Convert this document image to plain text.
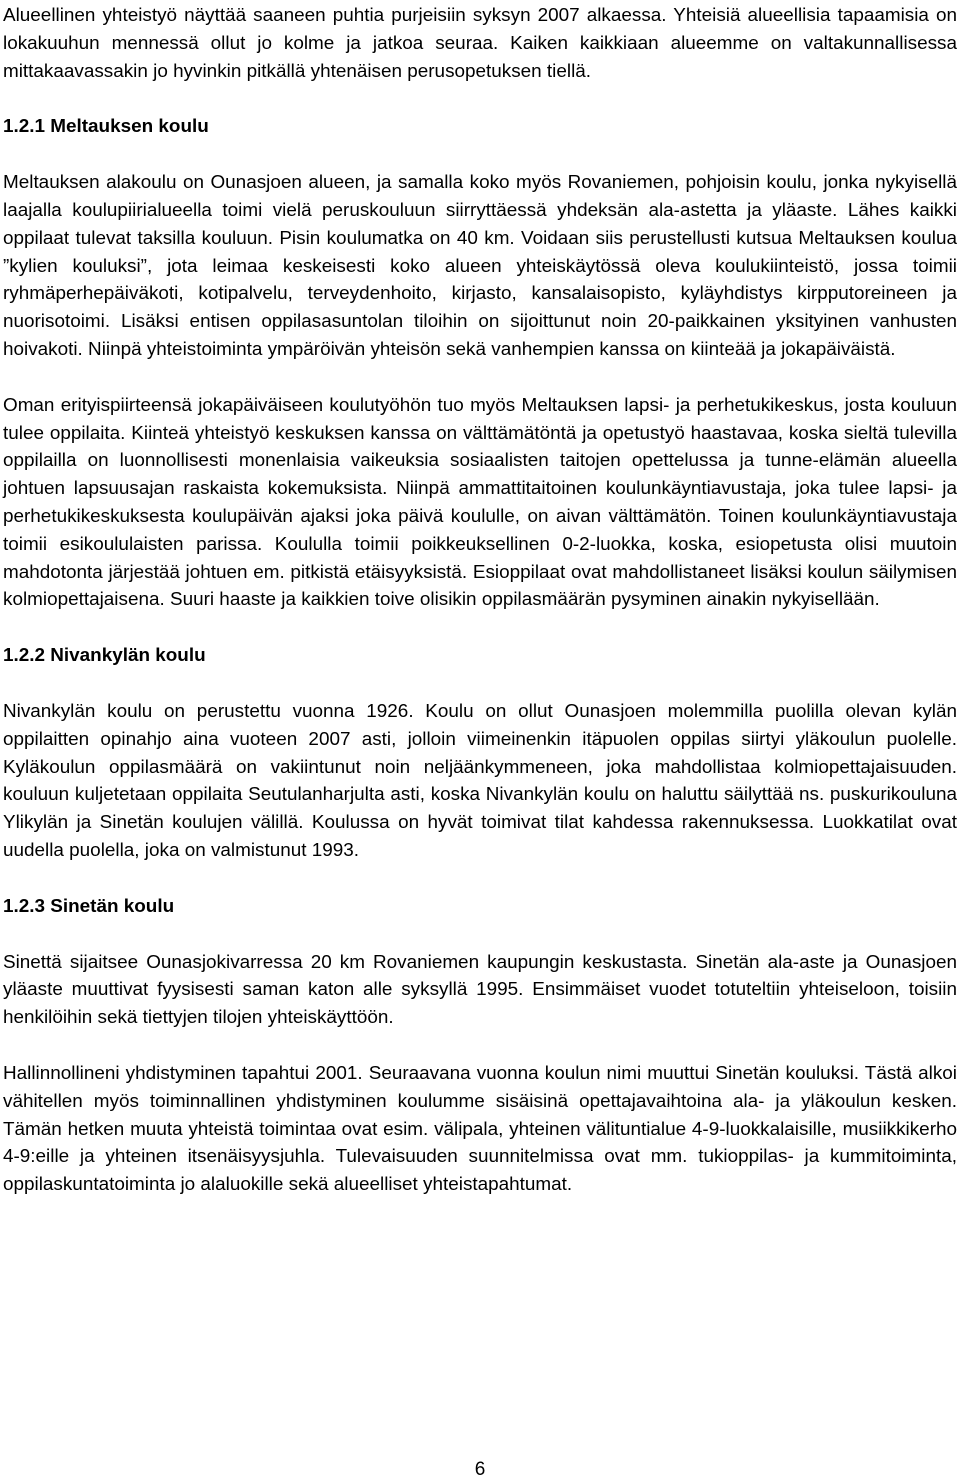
Alueellinen yhteistyö näyttää saaneen puhtia purjeisiin syksyn 2007 alkaessa. Yhteisiä alueellisia tapaamisia on lokakuuhun mennessä ollut jo kolme ja jatkoa seuraa. Kaiken kaikkiaan alueemme on valtakunnallisessa mittakaavassakin jo hyvinkin pitkällä yhtenäisen perusopetuksen tiellä.

1.2.1 Meltauksen koulu

Meltauksen alakoulu on Ounasjoen alueen, ja samalla koko myös Rovaniemen, pohjoisin koulu, jonka nykyisellä laajalla koulupiirialueella toimi vielä peruskouluun siirryttäessä yhdeksän ala-astetta ja yläaste. Lähes kaikki oppilaat tulevat taksilla kouluun. Pisin koulumatka on 40 km. Voidaan siis perustellusti kutsua Meltauksen koulua ”kylien kouluksi”, jota leimaa keskeisesti koko alueen yhteiskäytössä oleva koulukiinteistö, jossa toimii ryhmäperhepäiväkoti, kotipalvelu, terveydenhoito, kirjasto, kansalaisopisto, kyläyhdistys kirpputoreineen ja nuorisotoimi. Lisäksi entisen oppilasasuntolan tiloihin on sijoittunut noin 20-paikkainen yksityinen vanhusten hoivakoti. Niinpä yhteistoiminta ympäröivän yhteisön sekä vanhempien kanssa on kiinteää ja jokapäiväistä.

Oman erityispiirteensä jokapäiväiseen koulutyöhön tuo myös Meltauksen lapsi- ja perhetukikeskus, josta kouluun tulee oppilaita. Kiinteä yhteistyö keskuksen kanssa on välttämätöntä ja opetustyö haastavaa, koska sieltä tulevilla oppilailla on luonnollisesti monenlaisia vaikeuksia sosiaalisten taitojen opettelussa ja tunne-elämän alueella johtuen lapsuusajan raskaista kokemuksista. Niinpä ammattitaitoinen koulunkäyntiavustaja, joka tulee lapsi- ja perhetukikeskuksesta koulupäivän ajaksi joka päivä koululle, on aivan välttämätön. Toinen koulunkäyntiavustaja toimii esikoululaisten parissa. Koululla toimii poikkeuksellinen 0-2-luokka, koska, esiopetusta olisi muutoin mahdotonta järjestää johtuen em. pitkistä etäisyyksistä. Esioppilaat ovat mahdollistaneet lisäksi koulun säilymisen kolmiopettajaisena. Suuri haaste ja kaikkien toive olisikin oppilasmäärän pysyminen ainakin nykyisellään.

1.2.2 Nivankylän koulu

Nivankylän koulu on perustettu vuonna 1926. Koulu on ollut Ounasjoen molemmilla puolilla olevan kylän oppilaitten opinahjo aina vuoteen 2007 asti, jolloin viimeinenkin itäpuolen oppilas siirtyi yläkoulun puolelle. Kyläkoulun oppilasmäärä on vakiintunut noin neljäänkymmeneen, joka mahdollistaa kolmiopettajaisuuden. kouluun kuljetetaan oppilaita Seutulanharjulta asti, koska Nivankylän koulu on haluttu säilyttää ns. puskurikouluna Ylikylän ja Sinetän koulujen välillä. Koulussa on hyvät toimivat tilat kahdessa rakennuksessa. Luokkatilat ovat uudella puolella, joka on valmistunut 1993.

1.2.3 Sinetän koulu

Sinettä sijaitsee Ounasjokivarressa 20 km Rovaniemen kaupungin keskustasta. Sinetän ala-aste ja Ounasjoen yläaste muuttivat fyysisesti saman katon alle syksyllä 1995. Ensimmäiset vuodet totuteltiin yhteiseloon, toisiin henkilöihin sekä tiettyjen tilojen yhteiskäyttöön.

Hallinnollineni yhdistyminen tapahtui 2001. Seuraavana vuonna koulun nimi muuttui Sinetän kouluksi. Tästä alkoi vähitellen myös toiminnallinen yhdistyminen koulumme sisäisinä opettajavaihtoina ala- ja yläkoulun kesken. Tämän hetken muuta yhteistä toimintaa ovat esim. välipala, yhteinen välituntialue 4-9-luokkalaisille, musiikkikerho 4-9:eille ja yhteinen itsenäisyysjuhla. Tulevaisuuden suunnitelmissa ovat mm. tukioppilas- ja kummitoiminta, oppilaskuntatoiminta jo alaluokille sekä alueelliset yhteistapahtumat.

6
